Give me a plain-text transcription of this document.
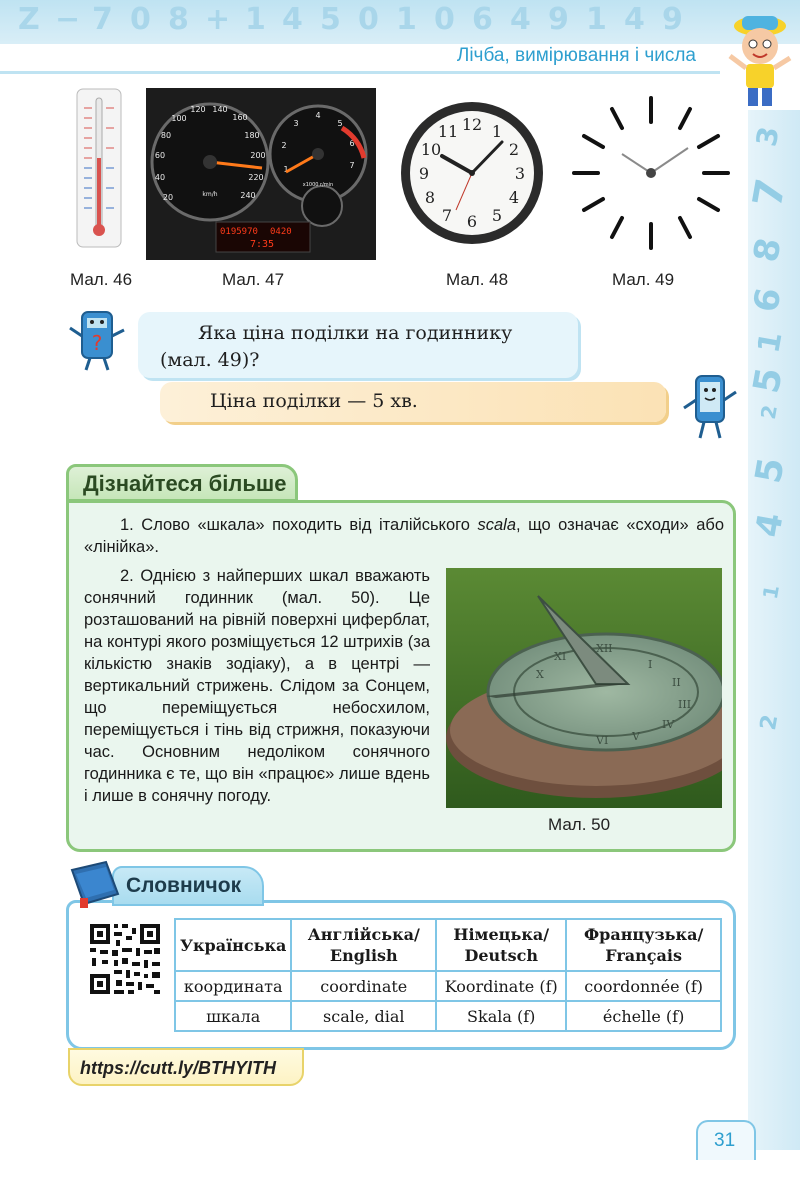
Z − 7 0 8 + 1 4 5 0 1 0 6 4 9 1 4 9
Лічба, вимірювання і числа
3
7
8
6
1
5
2
5
4
1
2
Мал. 46
20
40
60
80
100
120 140
160
180
200
220
240
1
2
3
4
5
6
7
km/h
x1000 r/min
0195970 0420
7:35
Мал. 47
12 1
2
3
4
5
6
7
8
9
10
11
Мал. 48	Мал. 49
?	Яка ціна поділки на годиннику (мал. 49)?

Ціна поділки — 5 хв.

Дізнайтеся більше

1. Слово «шкала» походить від італійського scala, що означає «сходи» або «лінійка».

2. Однією з найперших шкал вважають сонячний годинник (мал. 50). Це розташований на рівній поверхні циферблат, на контурі якого розміщується 12 штрихів (за кількістю знаків зодіаку), а в центрі — вертикальний стрижень. Слідом за Сонцем, що переміщується небосхилом, переміщується і тінь від стрижня, показуючи час. Основним недоліком сонячного годинника є те, що він «працює» лише вдень і лише в сонячну погоду.

I
II
III
IV
V
VI
X
XI
XII
Мал. 50
Словничок
Українська	Англійська/ English	Німецька/ Deutsch	Французька/ Français
координата	coordinate	Koordinate (f)	coordonnée (f)
шкала	scale, dial	Skala (f)	échelle (f)
https://cutt.ly/BTHYITH
31
